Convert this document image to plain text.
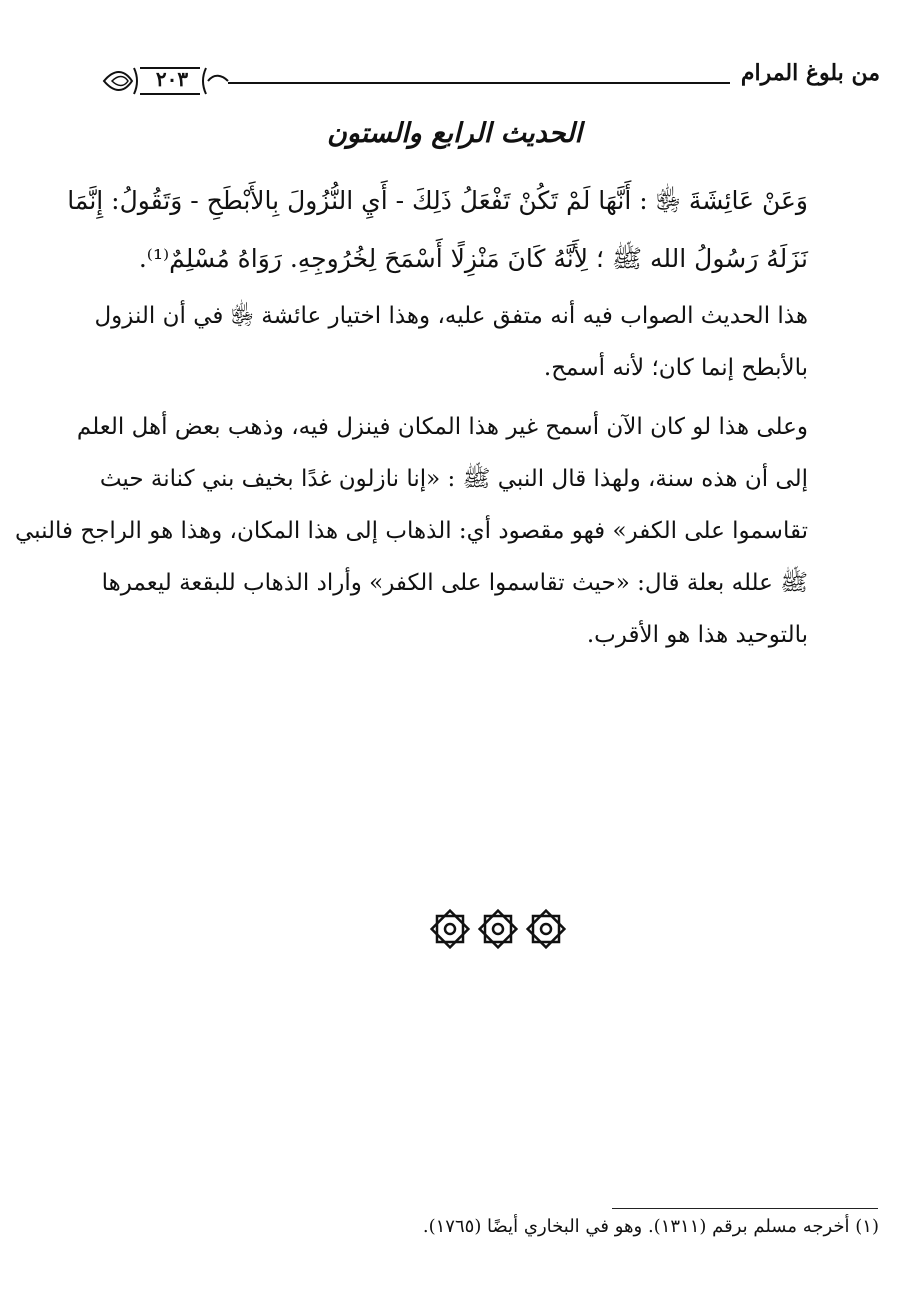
٢٠٣	من بلوغ المرام
الحديث الرابع والستون
وَعَنْ عَائِشَةَ ﵂ : أَنَّهَا لَمْ تَكُنْ تَفْعَلُ ذَلِكَ - أَيِ النُّزُولَ بِالأَبْطَحِ - وَتَقُولُ: إِنَّمَا
نَزَلَهُ رَسُولُ الله ﷺ ؛ لِأَنَّهُ كَانَ مَنْزِلًا أَسْمَحَ لِخُرُوجِهِ. رَوَاهُ مُسْلِمٌ⁽¹⁾.
هذا الحديث الصواب فيه أنه متفق عليه، وهذا اختيار عائشة ﵂ في أن النزول
بالأبطح إنما كان؛ لأنه أسمح.
وعلى هذا لو كان الآن أسمح غير هذا المكان فينزل فيه، وذهب بعض أهل العلم
إلى أن هذه سنة، ولهذا قال النبي ﷺ : «إنا نازلون غدًا بخيف بني كنانة حيث
تقاسموا على الكفر» فهو مقصود أي: الذهاب إلى هذا المكان، وهذا هو الراجح فالنبي
ﷺ علله بعلة قال: «حيث تقاسموا على الكفر» وأراد الذهاب للبقعة ليعمرها
بالتوحيد هذا هو الأقرب.
(١) أخرجه مسلم برقم (١٣١١). وهو في البخاري أيضًا (١٧٦٥).
